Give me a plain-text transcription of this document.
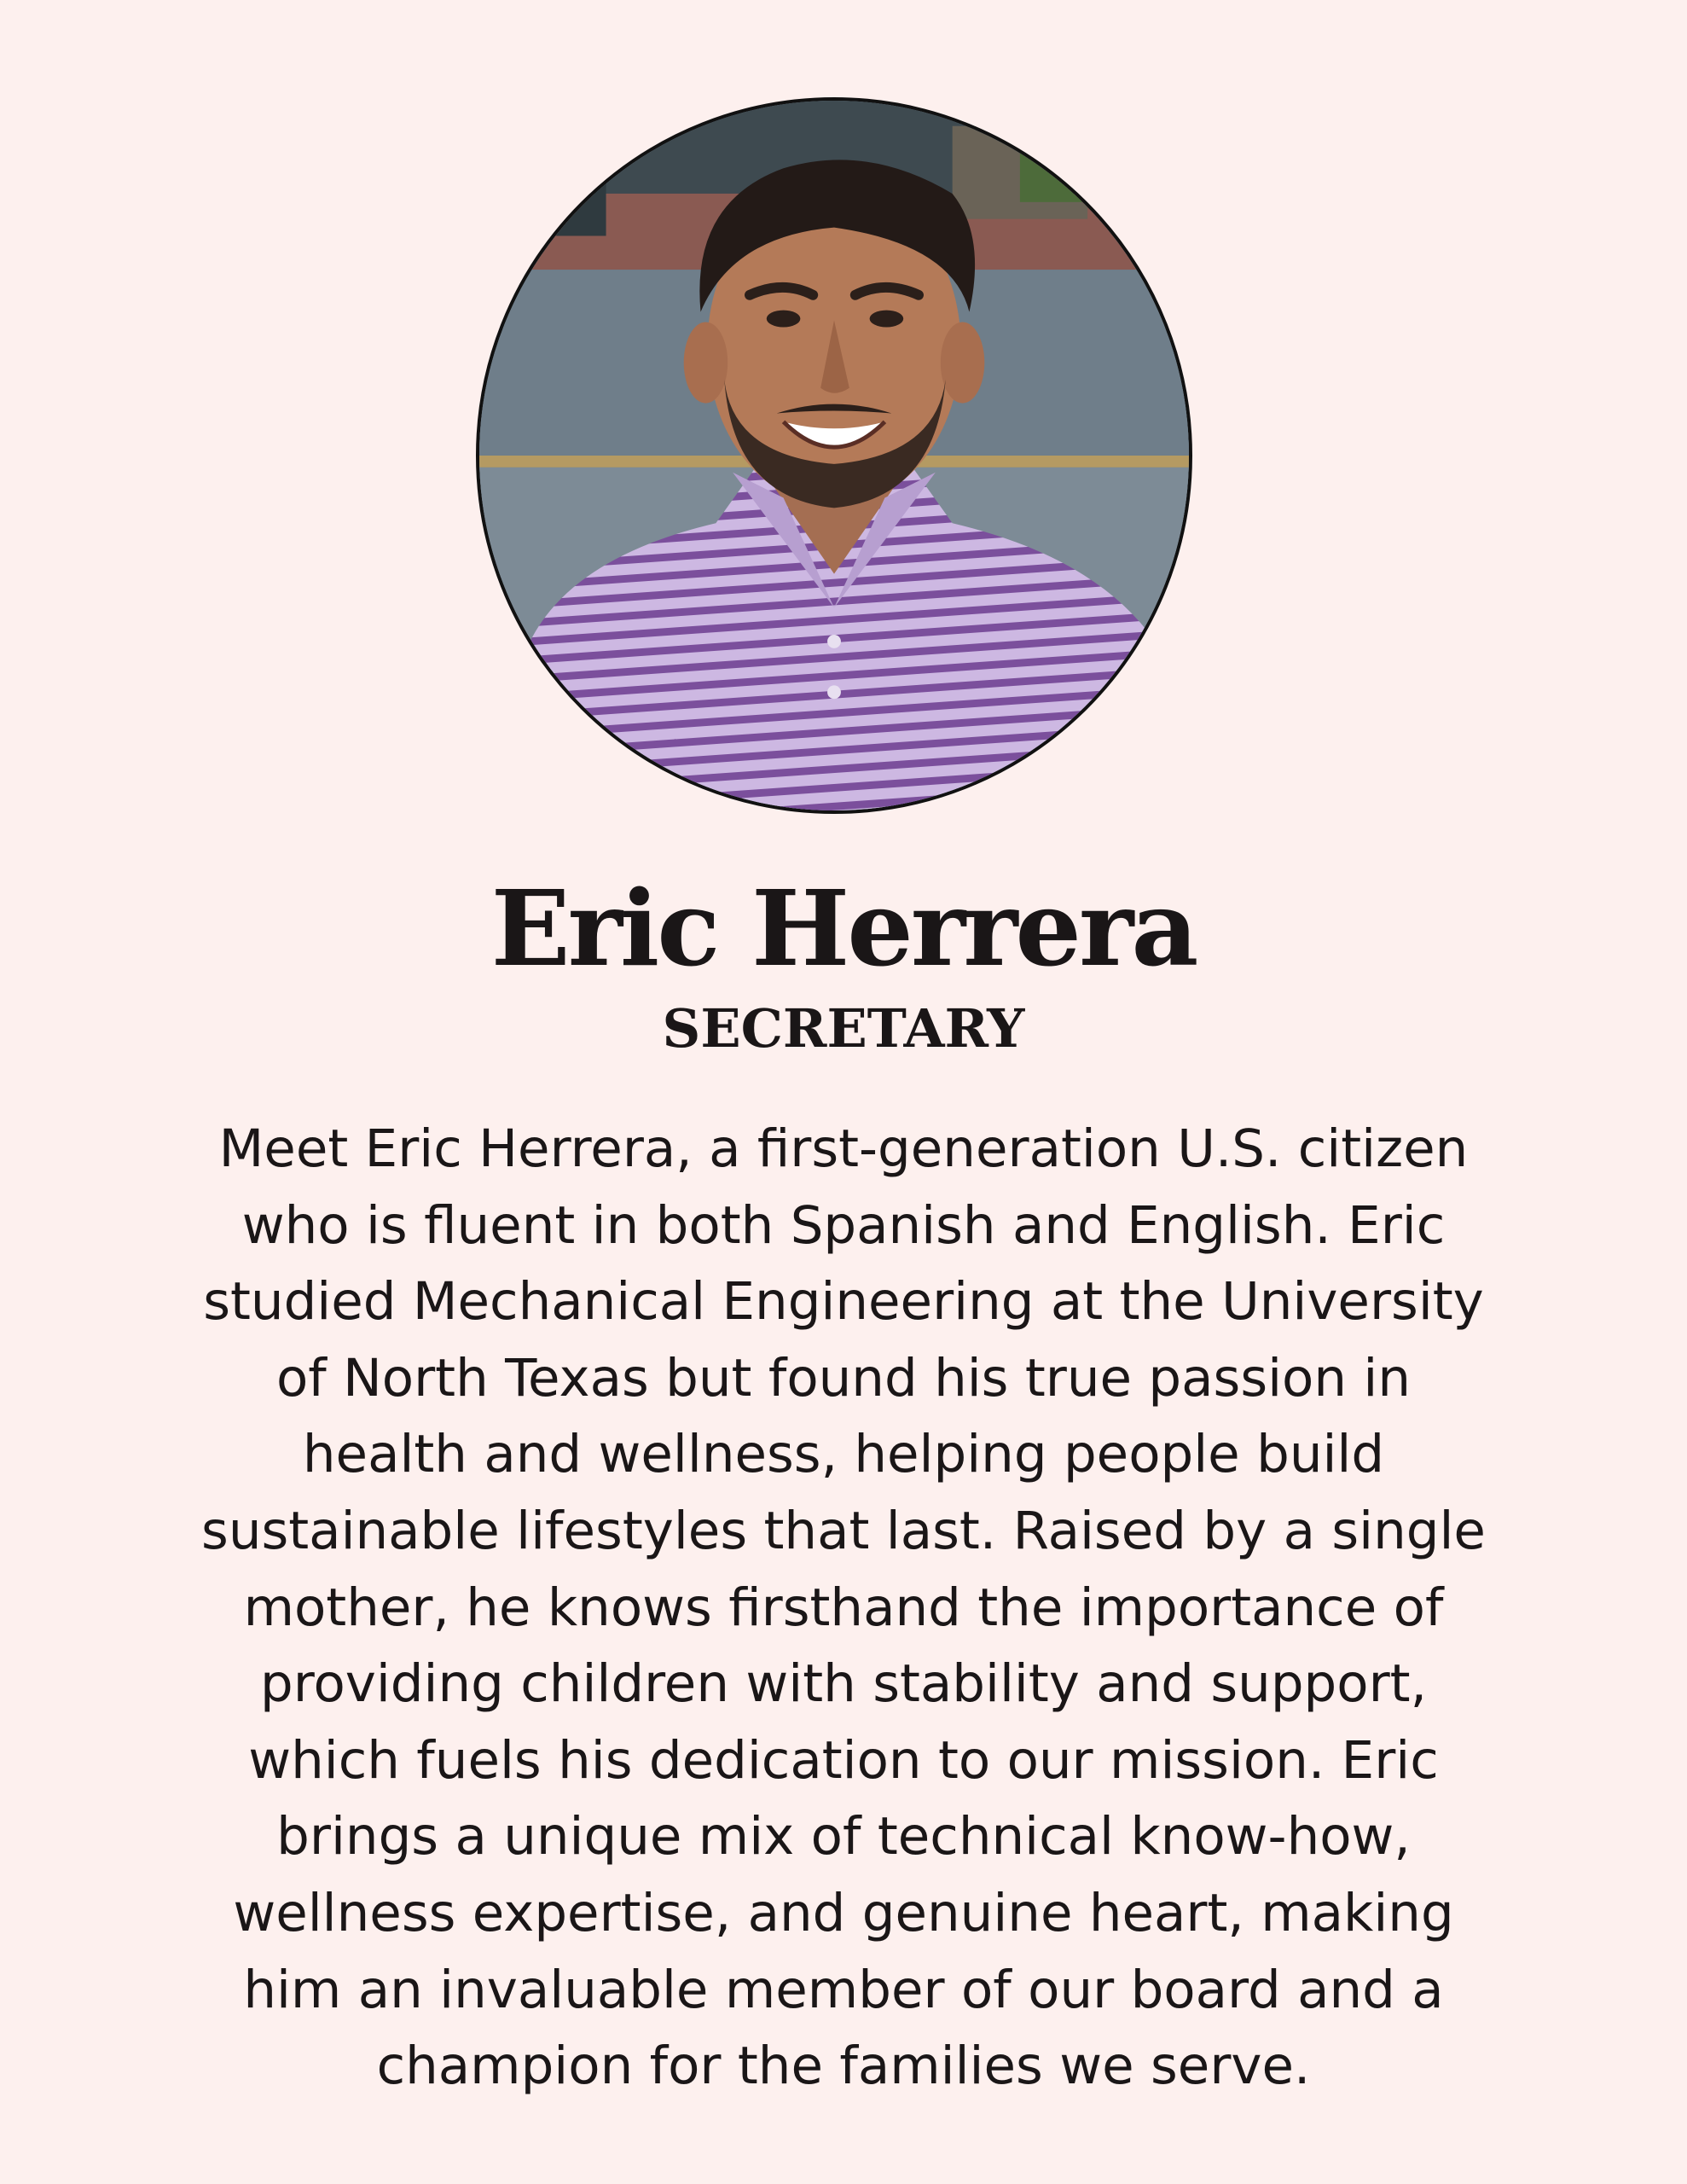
Eric Herrera
SECRETARY

Meet Eric Herrera, a first-generation U.S. citizen
who is fluent in both Spanish and English. Eric
studied Mechanical Engineering at the University
of North Texas but found his true passion in
health and wellness, helping people build
sustainable lifestyles that last. Raised by a single
mother, he knows firsthand the importance of
providing children with stability and support,
which fuels his dedication to our mission. Eric
brings a unique mix of technical know-how,
wellness expertise, and genuine heart, making
him an invaluable member of our board and a
champion for the families we serve.
